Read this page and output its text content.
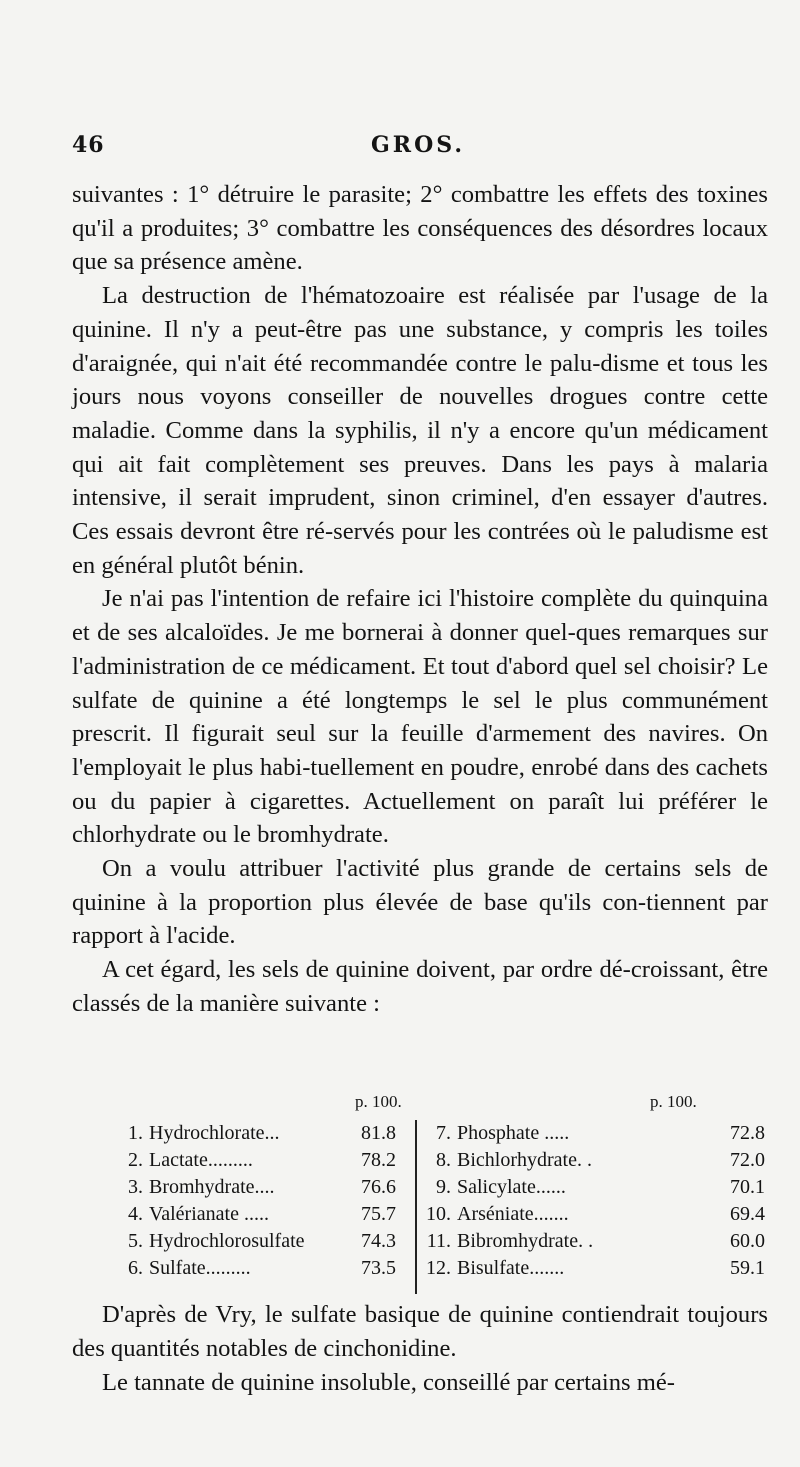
46	GROS.

suivantes : 1° détruire le parasite; 2° combattre les effets des toxines qu'il a produites; 3° combattre les conséquences des désordres locaux que sa présence amène.

La destruction de l'hématozoaire est réalisée par l'usage de la quinine. Il n'y a peut-être pas une substance, y compris les toiles d'araignée, qui n'ait été recommandée contre le palu-disme et tous les jours nous voyons conseiller de nouvelles drogues contre cette maladie. Comme dans la syphilis, il n'y a encore qu'un médicament qui ait fait complètement ses preuves. Dans les pays à malaria intensive, il serait imprudent, sinon criminel, d'en essayer d'autres. Ces essais devront être ré-servés pour les contrées où le paludisme est en général plutôt bénin.

Je n'ai pas l'intention de refaire ici l'histoire complète du quinquina et de ses alcaloïdes. Je me bornerai à donner quel-ques remarques sur l'administration de ce médicament. Et tout d'abord quel sel choisir? Le sulfate de quinine a été longtemps le sel le plus communément prescrit. Il figurait seul sur la feuille d'armement des navires. On l'employait le plus habi-tuellement en poudre, enrobé dans des cachets ou du papier à cigarettes. Actuellement on paraît lui préférer le chlorhydrate ou le bromhydrate.

On a voulu attribuer l'activité plus grande de certains sels de quinine à la proportion plus élevée de base qu'ils con-tiennent par rapport à l'acide.

A cet égard, les sels de quinine doivent, par ordre dé-croissant, être classés de la manière suivante :

p. 100.	p. 100.
1. Hydrochlorate...	81.8
2. Lactate.........	78.2
3. Bromhydrate....	76.6
4. Valérianate .....	75.7
5. Hydrochlorosulfate	74.3
6. Sulfate.........	73.5
7. Phosphate .....	72.8
8. Bichlorhydrate. .	72.0
9. Salicylate......	70.1
10. Arséniate.......	69.4
11. Bibromhydrate. .	60.0
12. Bisulfate.......	59.1

D'après de Vry, le sulfate basique de quinine contiendrait toujours des quantités notables de cinchonidine.

Le tannate de quinine insoluble, conseillé par certains mé-
